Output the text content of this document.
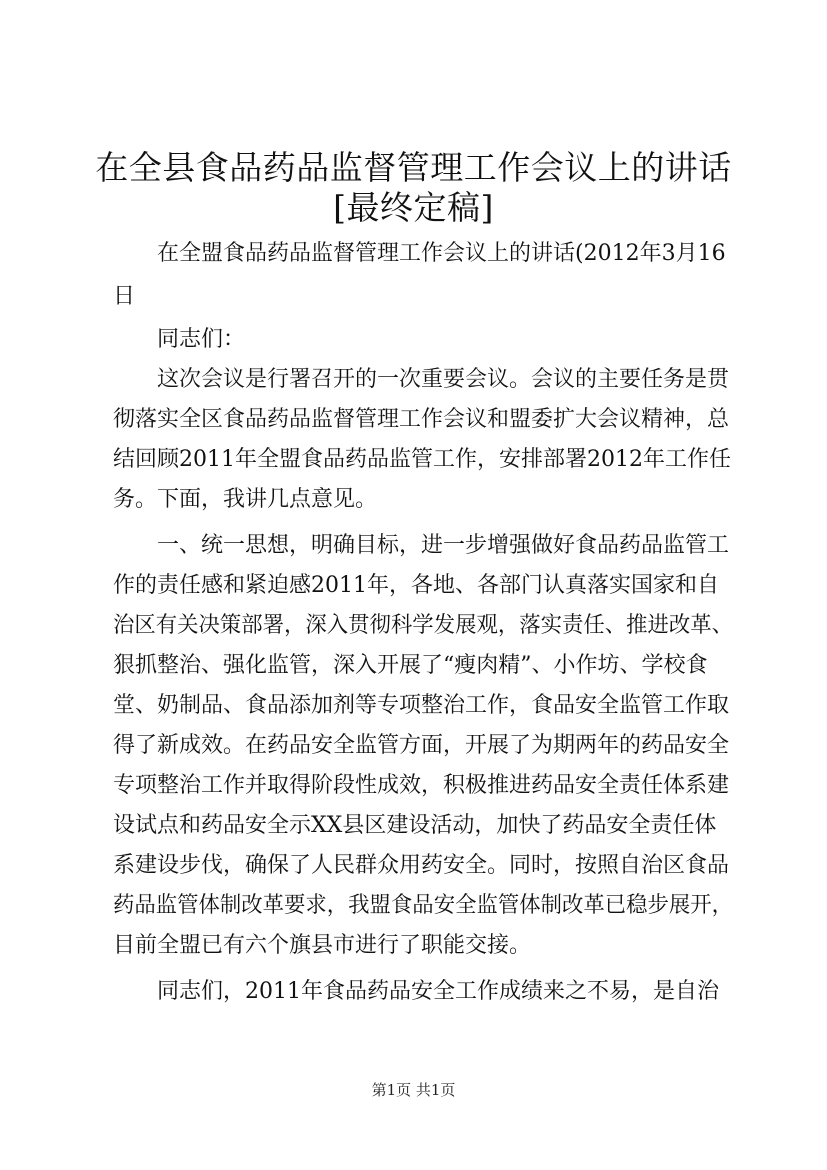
在全县食品药品监督管理工作会议上的讲话
[最终定稿]
在全盟食品药品监督管理工作会议上的讲话(2012年3月16
日
同志们：
这次会议是行署召开的一次重要会议。会议的主要任务是贯
彻落实全区食品药品监督管理工作会议和盟委扩大会议精神，总
结回顾2011年全盟食品药品监管工作，安排部署2012年工作任
务。下面，我讲几点意见。
一、统一思想，明确目标，进一步增强做好食品药品监管工
作的责任感和紧迫感2011年，各地、各部门认真落实国家和自
治区有关决策部署，深入贯彻科学发展观，落实责任、推进改革、
狠抓整治、强化监管，深入开展了“瘦肉精”、小作坊、学校食
堂、奶制品、食品添加剂等专项整治工作，食品安全监管工作取
得了新成效。在药品安全监管方面，开展了为期两年的药品安全
专项整治工作并取得阶段性成效，积极推进药品安全责任体系建
设试点和药品安全示XX县区建设活动，加快了药品安全责任体
系建设步伐，确保了人民群众用药安全。同时，按照自治区食品
药品监管体制改革要求，我盟食品安全监管体制改革已稳步展开，
目前全盟已有六个旗县市进行了职能交接。
同志们，2011年食品药品安全工作成绩来之不易，是自治
第1页 共1页
